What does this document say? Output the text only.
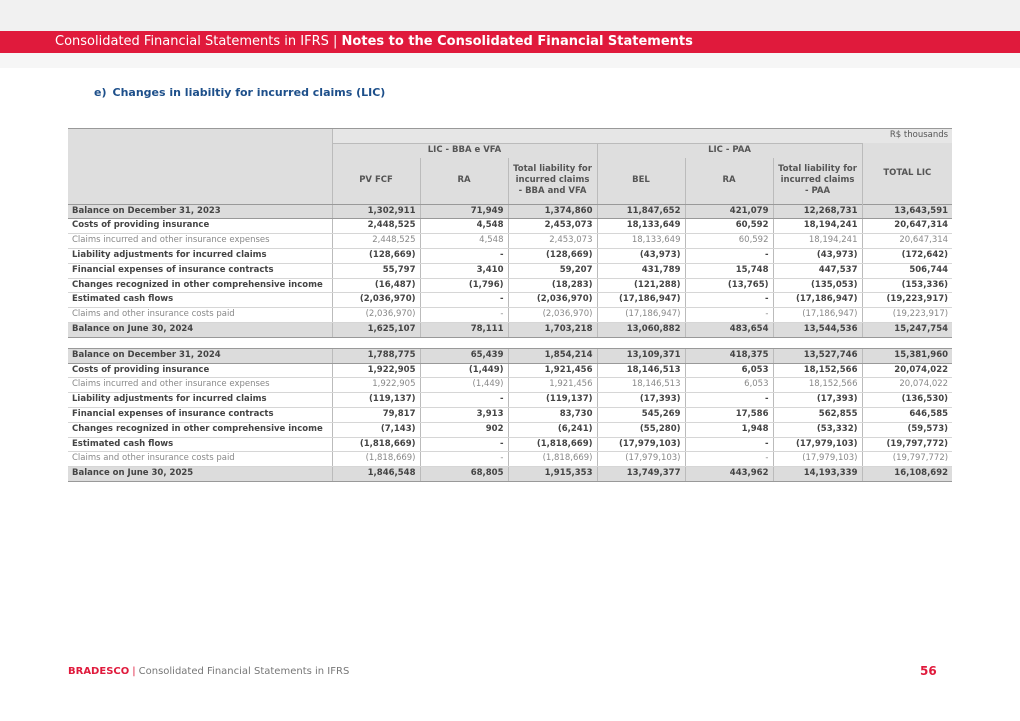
Consolidated Financial Statements in IFRS | Notes to the Consolidated Financial Statements
e) Changes in liabiltiy for incurred claims (LIC)
	R$ thousands						
	LIC - BBA e VFA			LIC - PAA			TOTAL LIC
	PV FCF	RA	Total liability for incurred claims - BBA and VFA	BEL	RA	Total liability for incurred claims - PAA	
Balance on December 31, 2023	1,302,911	71,949	1,374,860	11,847,652	421,079	12,268,731	13,643,591
Costs of providing insurance	2,448,525	4,548	2,453,073	18,133,649	60,592	18,194,241	20,647,314
Claims incurred and other insurance expenses	2,448,525	4,548	2,453,073	18,133,649	60,592	18,194,241	20,647,314
Liability adjustments for incurred claims	(128,669)	-	(128,669)	(43,973)	-	(43,973)	(172,642)
Financial expenses of insurance contracts	55,797	3,410	59,207	431,789	15,748	447,537	506,744
Changes recognized in other comprehensive income	(16,487)	(1,796)	(18,283)	(121,288)	(13,765)	(135,053)	(153,336)
Estimated cash flows	(2,036,970)	-	(2,036,970)	(17,186,947)	-	(17,186,947)	(19,223,917)
Claims and other insurance costs paid	(2,036,970)	-	(2,036,970)	(17,186,947)	-	(17,186,947)	(19,223,917)
Balance on June 30, 2024	1,625,107	78,111	1,703,218	13,060,882	483,654	13,544,536	15,247,754

Balance on December 31, 2024	1,788,775	65,439	1,854,214	13,109,371	418,375	13,527,746	15,381,960
Costs of providing insurance	1,922,905	(1,449)	1,921,456	18,146,513	6,053	18,152,566	20,074,022
Claims incurred and other insurance expenses	1,922,905	(1,449)	1,921,456	18,146,513	6,053	18,152,566	20,074,022
Liability adjustments for incurred claims	(119,137)	-	(119,137)	(17,393)	-	(17,393)	(136,530)
Financial expenses of insurance contracts	79,817	3,913	83,730	545,269	17,586	562,855	646,585
Changes recognized in other comprehensive income	(7,143)	902	(6,241)	(55,280)	1,948	(53,332)	(59,573)
Estimated cash flows	(1,818,669)	-	(1,818,669)	(17,979,103)	-	(17,979,103)	(19,797,772)
Claims and other insurance costs paid	(1,818,669)	-	(1,818,669)	(17,979,103)	-	(17,979,103)	(19,797,772)
Balance on June 30, 2025	1,846,548	68,805	1,915,353	13,749,377	443,962	14,193,339	16,108,692
BRADESCO | Consolidated Financial Statements in IFRS	56
